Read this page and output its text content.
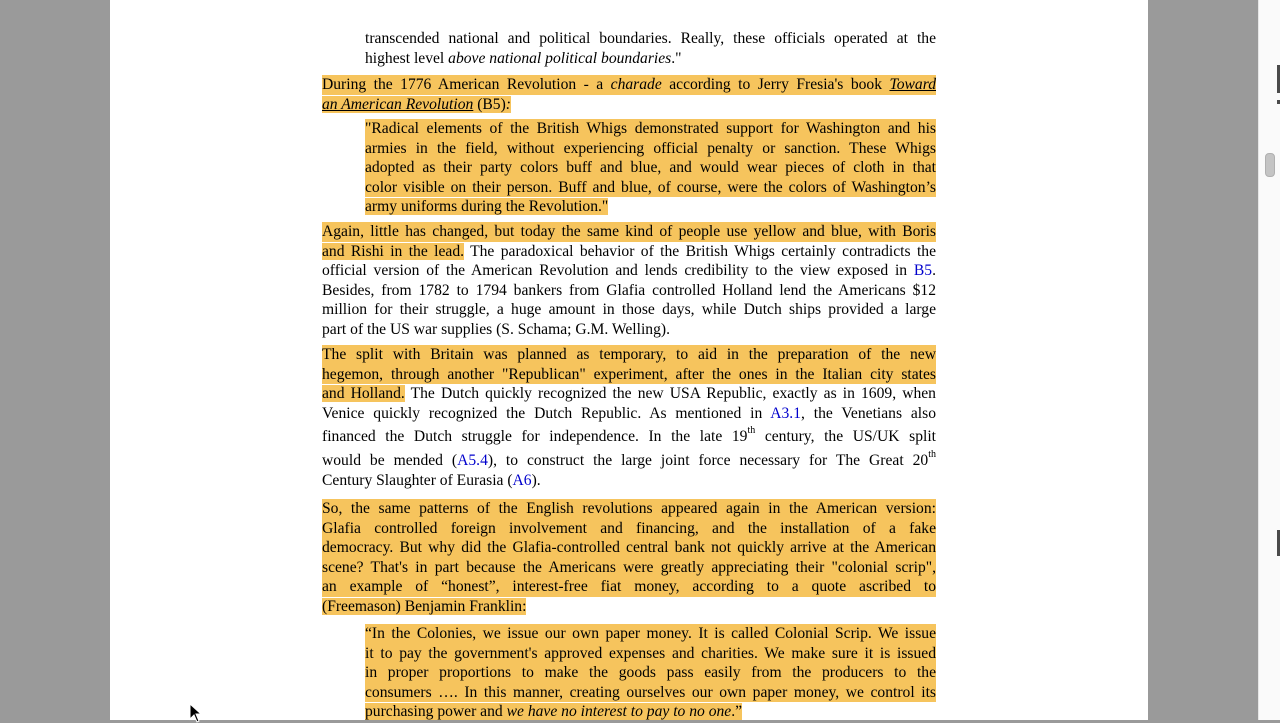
transcended national and political boundaries. Really, these officials operated at the
highest level above national political boundaries."

During the 1776 American Revolution - a charade according to Jerry Fresia's book Toward
an American Revolution (B5):

"Radical elements of the British Whigs demonstrated support for Washington and his
armies in the field, without experiencing official penalty or sanction. These Whigs
adopted as their party colors buff and blue, and would wear pieces of cloth in that
color visible on their person. Buff and blue, of course, were the colors of Washington’s
army uniforms during the Revolution."

Again, little has changed, but today the same kind of people use yellow and blue, with Boris
and Rishi in the lead. The paradoxical behavior of the British Whigs certainly contradicts the
official version of the American Revolution and lends credibility to the view exposed in B5.
Besides, from 1782 to 1794 bankers from Glafia controlled Holland lend the Americans $12
million for their struggle, a huge amount in those days, while Dutch ships provided a large
part of the US war supplies (S. Schama; G.M. Welling).

The split with Britain was planned as temporary, to aid in the preparation of the new
hegemon, through another "Republican" experiment, after the ones in the Italian city states
and Holland. The Dutch quickly recognized the new USA Republic, exactly as in 1609, when
Venice quickly recognized the Dutch Republic. As mentioned in A3.1, the Venetians also
financed the Dutch struggle for independence. In the late 19th century, the US/UK split
would be mended (A5.4), to construct the large joint force necessary for The Great 20th
Century Slaughter of Eurasia (A6).

So, the same patterns of the English revolutions appeared again in the American version:
Glafia controlled foreign involvement and financing, and the installation of a fake
democracy. But why did the Glafia-controlled central bank not quickly arrive at the American
scene? That's in part because the Americans were greatly appreciating their "colonial scrip",
an example of “honest”, interest-free fiat money, according to a quote ascribed to
(Freemason) Benjamin Franklin:

“In the Colonies, we issue our own paper money. It is called Colonial Scrip. We issue
it to pay the government's approved expenses and charities. We make sure it is issued
in proper proportions to make the goods pass easily from the producers to the
consumers …. In this manner, creating ourselves our own paper money, we control its
purchasing power and we have no interest to pay to no one.”
